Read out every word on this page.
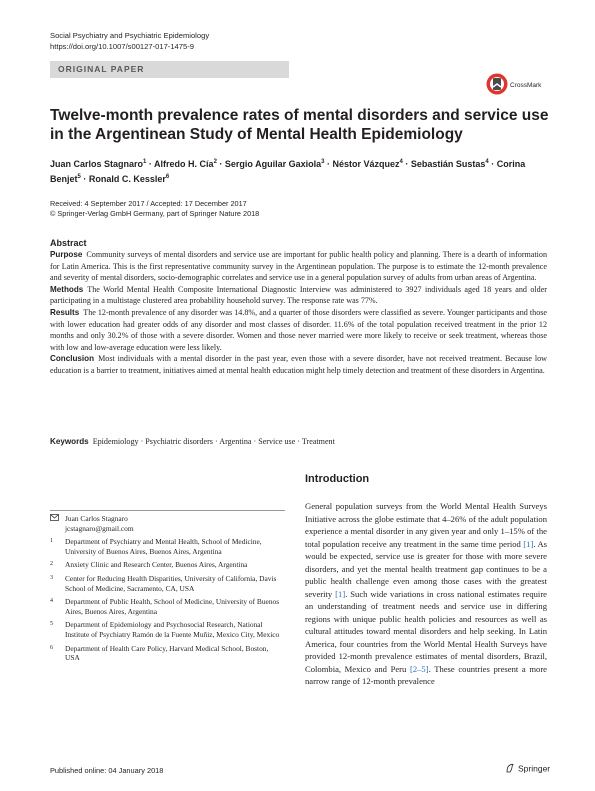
Social Psychiatry and Psychiatric Epidemiology
https://doi.org/10.1007/s00127-017-1475-9
ORIGINAL PAPER
CrossMark
Twelve-month prevalence rates of mental disorders and service use in the Argentinean Study of Mental Health Epidemiology
Juan Carlos Stagnaro$^1$ · Alfredo H. Cía$^2$ · Sergio Aguilar Gaxiola$^3$ · Néstor Vázquez$^4$ · Sebastián Sustas$^4$ · Corina Benjet$^5$ · Ronald C. Kessler$^6$
Received: 4 September 2017 / Accepted: 17 December 2017
© Springer-Verlag GmbH Germany, part of Springer Nature 2018
Abstract

Purpose Community surveys of mental disorders and service use are important for public health policy and planning. There is a dearth of information for Latin America. This is the first representative community survey in the Argentinean population. The purpose is to estimate the 12-month prevalence and severity of mental disorders, socio-demographic correlates and service use in a general population survey of adults from urban areas of Argentina.

Methods The World Mental Health Composite International Diagnostic Interview was administered to 3927 individuals aged 18 years and older participating in a multistage clustered area probability household survey. The response rate was 77%.

Results The 12-month prevalence of any disorder was 14.8%, and a quarter of those disorders were classified as severe. Younger participants and those with lower education had greater odds of any disorder and most classes of disorder. 11.6% of the total population received treatment in the prior 12 months and only 30.2% of those with a severe disorder. Women and those never married were more likely to receive or seek treatment, whereas those with low and low-average education were less likely.

Conclusion Most individuals with a mental disorder in the past year, even those with a severe disorder, have not received treatment. Because low education is a barrier to treatment, initiatives aimed at mental health education might help timely detection and treatment of these disorders in Argentina.

Keywords Epidemiology · Psychiatric disorders · Argentina · Service use · Treatment
Introduction
General population surveys from the World Mental Health Surveys Initiative across the globe estimate that 4–26% of the adult population experience a mental disorder in any given year and only 1–15% of the total population receive any treatment in the same time period [1]. As would be expected, service use is greater for those with more severe disorders, and yet the mental health treatment gap continues to be a public health challenge even among those cases with the greatest severity [1]. Such wide variations in cross national estimates require an understanding of treatment needs and service use in differing regions with unique public health policies and resources as well as cultural attitudes toward mental disorders and help seeking. In Latin America, four countries from the World Mental Health Surveys have provided 12-month prevalence estimates of mental disorders, Brazil, Colombia, Mexico and Peru [2–5]. These countries present a more narrow range of 12-month prevalence
Juan Carlos Stagnaro
jcstagnaro@gmail.com
1 Department of Psychiatry and Mental Health, School of Medicine, University of Buenos Aires, Buenos Aires, Argentina
2 Anxiety Clinic and Research Center, Buenos Aires, Argentina
3 Center for Reducing Health Disparities, University of California, Davis School of Medicine, Sacramento, CA, USA
4 Department of Public Health, School of Medicine, University of Buenos Aires, Buenos Aires, Argentina
5 Department of Epidemiology and Psychosocial Research, National Institute of Psychiatry Ramón de la Fuente Muñiz, Mexico City, Mexico
6 Department of Health Care Policy, Harvard Medical School, Boston, USA
Published online: 04 January 2018	Springer
